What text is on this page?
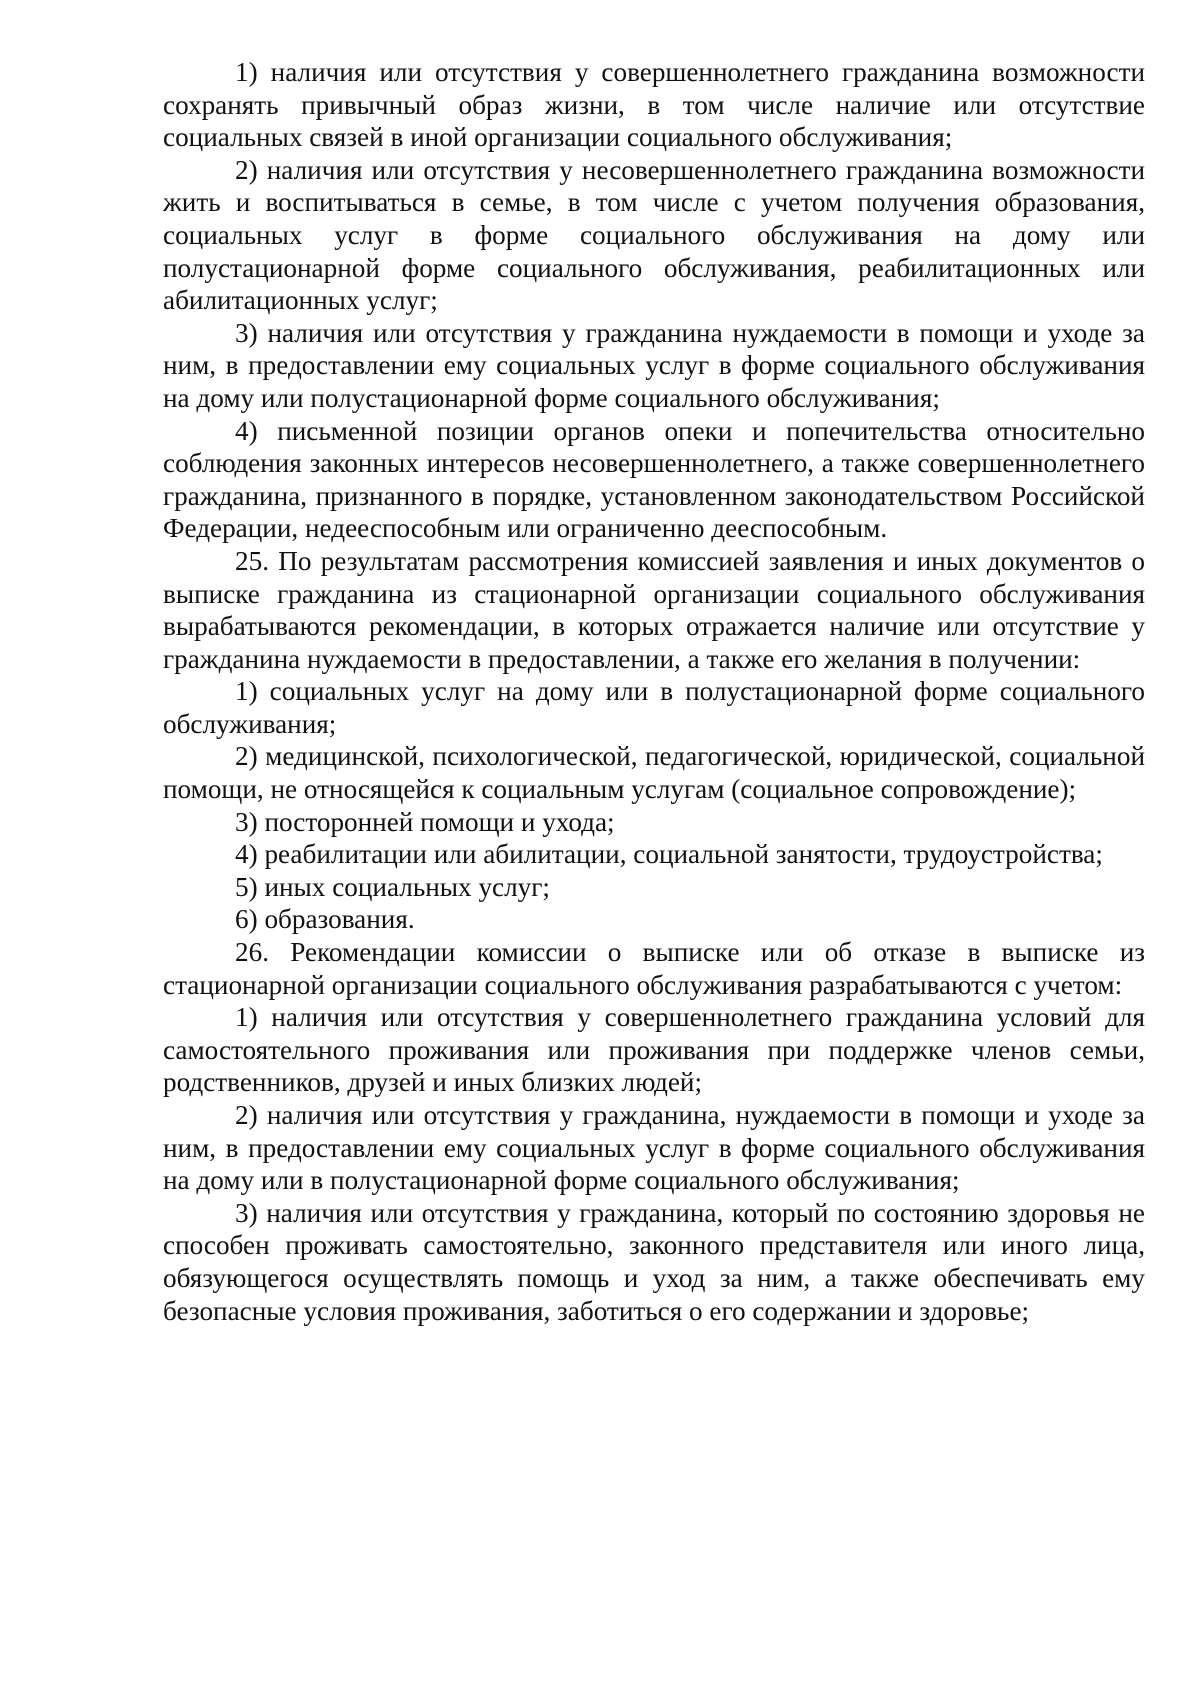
1) наличия или отсутствия у совершеннолетнего гражданина возможности сохранять привычный образ жизни, в том числе наличие или отсутствие социальных связей в иной организации социального обслуживания;

2) наличия или отсутствия у несовершеннолетнего гражданина возможности жить и воспитываться в семье, в том числе с учетом получения образования, социальных услуг в форме социального обслуживания на дому или полустационарной форме социального обслуживания, реабилитационных или абилитационных услуг;

3) наличия или отсутствия у гражданина нуждаемости в помощи и уходе за ним, в предоставлении ему социальных услуг в форме социального обслуживания на дому или полустационарной форме социального обслуживания;

4) письменной позиции органов опеки и попечительства относительно соблюдения законных интересов несовершеннолетнего, а также совершеннолетнего гражданина, признанного в порядке, установленном законодательством Российской Федерации, недееспособным или ограниченно дееспособным.

25. По результатам рассмотрения комиссией заявления и иных документов о выписке гражданина из стационарной организации социального обслуживания вырабатываются рекомендации, в которых отражается наличие или отсутствие у гражданина нуждаемости в предоставлении, а также его желания в получении:

1) социальных услуг на дому или в полустационарной форме социального обслуживания;

2) медицинской, психологической, педагогической, юридической, социальной помощи, не относящейся к социальным услугам (социальное сопровождение);

3) посторонней помощи и ухода;

4) реабилитации или абилитации, социальной занятости, трудоустройства;

5) иных социальных услуг;

6) образования.

26. Рекомендации комиссии о выписке или об отказе в выписке из стационарной организации социального обслуживания разрабатываются с учетом:

1) наличия или отсутствия у совершеннолетнего гражданина условий для самостоятельного проживания или проживания при поддержке членов семьи, родственников, друзей и иных близких людей;

2) наличия или отсутствия у гражданина, нуждаемости в помощи и уходе за ним, в предоставлении ему социальных услуг в форме социального обслуживания на дому или в полустационарной форме социального обслуживания;

3) наличия или отсутствия у гражданина, который по состоянию здоровья не способен проживать самостоятельно, законного представителя или иного лица, обязующегося осуществлять помощь и уход за ним, а также обеспечивать ему безопасные условия проживания, заботиться о его содержании и здоровье;
